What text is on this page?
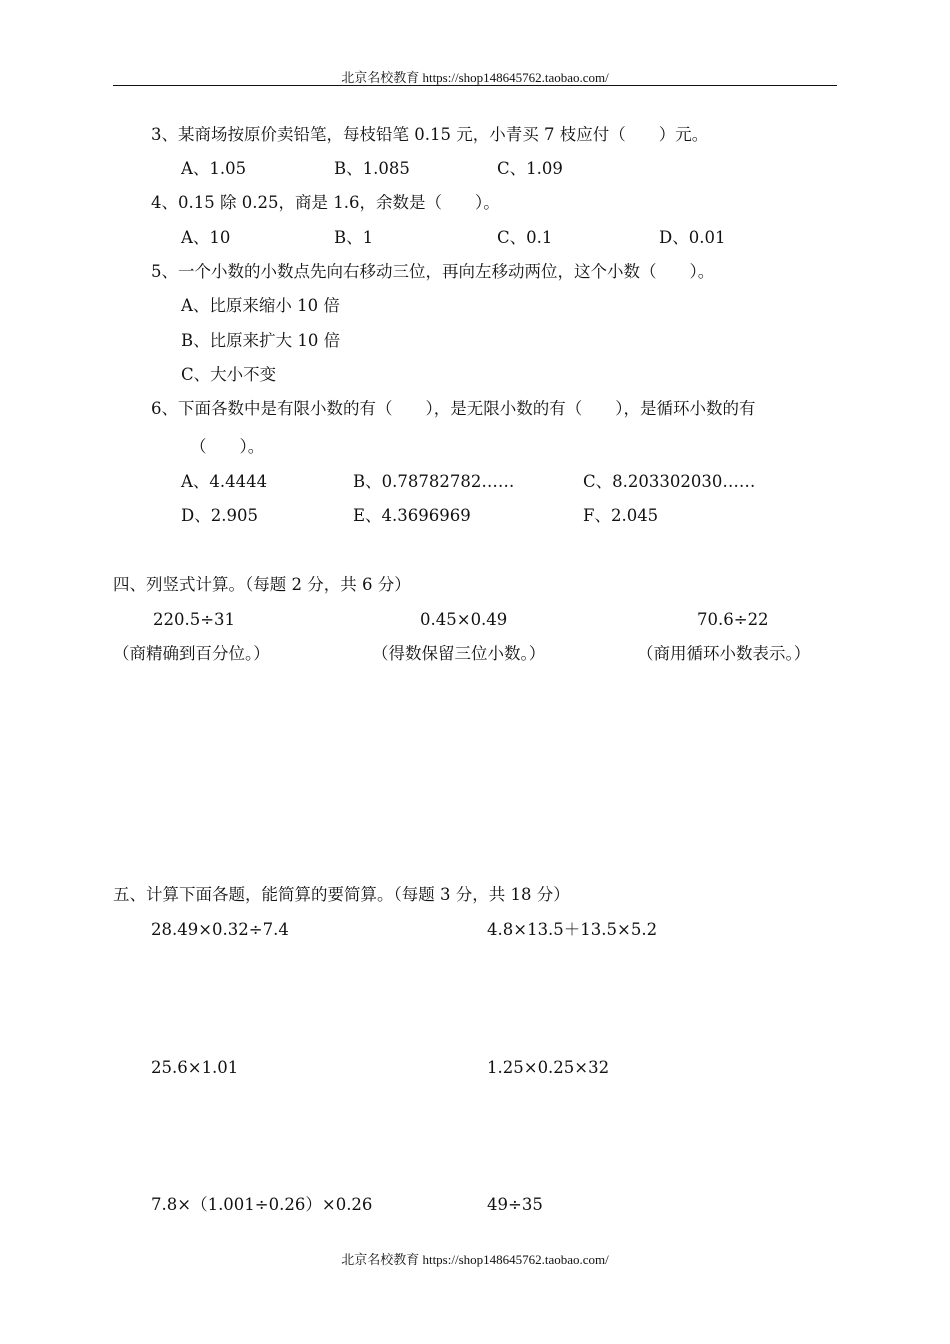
北京名校教育 https://shop148645762.taobao.com/
3、某商场按原价卖铅笔，每枝铅笔 0.15 元，小青买 7 枝应付（　　）元。
A、1.05	B、1.085	C、1.09
4、0.15 除 0.25，商是 1.6，余数是（　　）。
A、10	B、1	C、0.1	D、0.01
5、一个小数的小数点先向右移动三位，再向左移动两位，这个小数（　　）。
A、比原来缩小 10 倍
B、比原来扩大 10 倍
C、大小不变
6、下面各数中是有限小数的有（　　），是无限小数的有（　　），是循环小数的有
（　　）。
A、4.4444	B、0.78782782……	C、8.203302030……
D、2.905	E、4.3696969	F、2.045
四、列竖式计算。（每题 2 分，共 6 分）
220.5÷31	0.45×0.49	70.6÷22
（商精确到百分位。）	（得数保留三位小数。）	（商用循环小数表示。）
五、计算下面各题，能简算的要简算。（每题 3 分，共 18 分）
28.49×0.32÷7.4	4.8×13.5＋13.5×5.2
25.6×1.01	1.25×0.25×32
7.8×（1.001÷0.26）×0.26	49÷35
北京名校教育 https://shop148645762.taobao.com/
